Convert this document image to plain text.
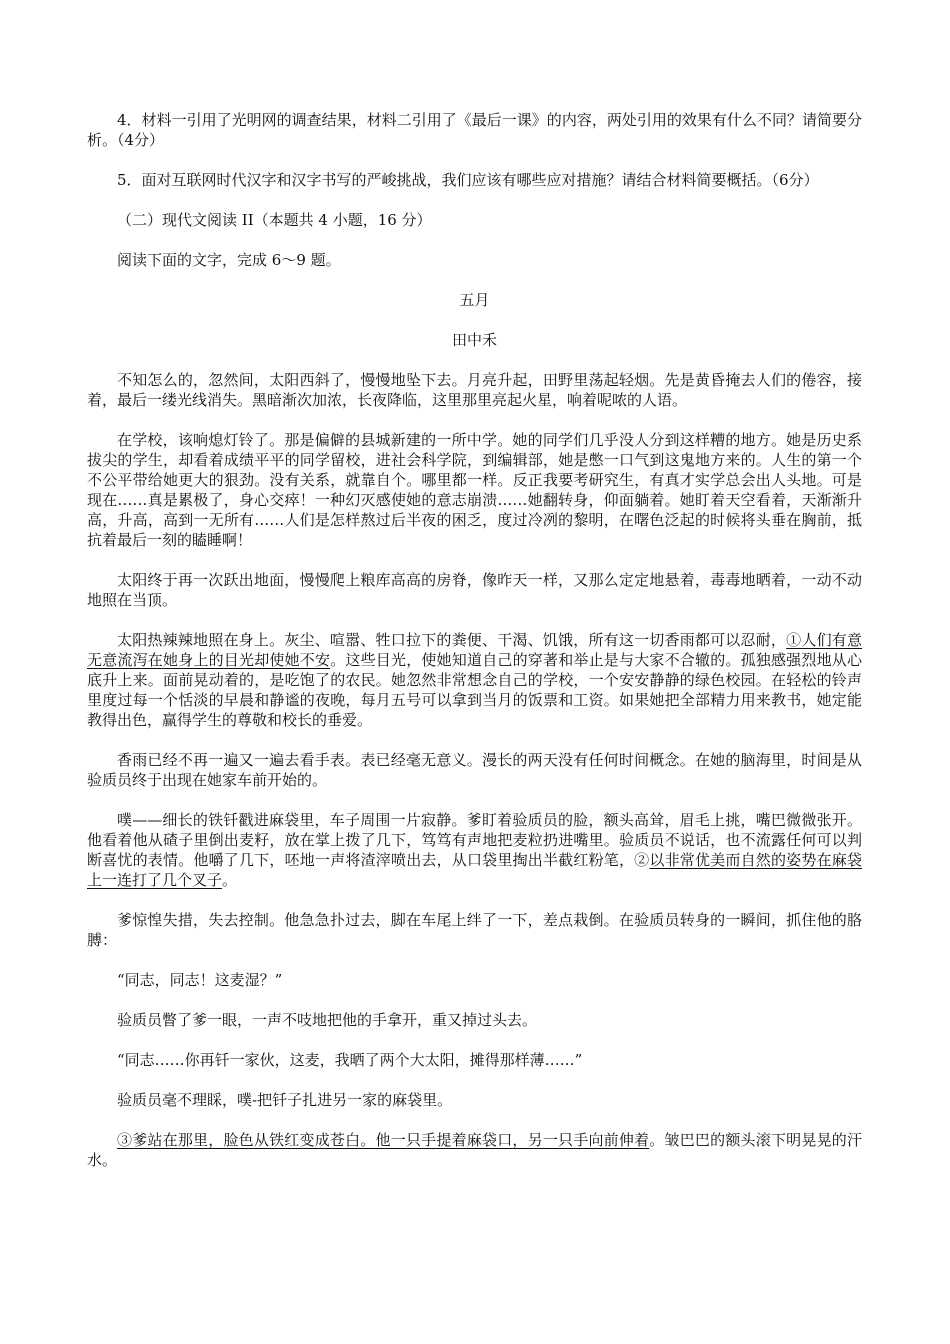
4．材料一引用了光明网的调查结果，材料二引用了《最后一课》的内容，两处引用的效果有什么不同？请简要分析。（4分）

5．面对互联网时代汉字和汉字书写的严峻挑战，我们应该有哪些应对措施？请结合材料简要概括。（6分）

（二）现代文阅读 II（本题共 4 小题，16 分）

阅读下面的文字，完成 6～9 题。

五月

田中禾

不知怎么的，忽然间，太阳西斜了，慢慢地坠下去。月亮升起，田野里荡起轻烟。先是黄昏掩去人们的倦容，接着，最后一缕光线消失。黑暗渐次加浓，长夜降临，这里那里亮起火星，响着呢哝的人语。

在学校，该响熄灯铃了。那是偏僻的县城新建的一所中学。她的同学们几乎没人分到这样糟的地方。她是历史系拔尖的学生，却看着成绩平平的同学留校，进社会科学院，到编辑部，她是憋一口气到这鬼地方来的。人生的第一个不公平带给她更大的狠劲。没有关系，就靠自个。哪里都一样。反正我要考研究生，有真才实学总会出人头地。可是现在……真是累极了，身心交瘁！一种幻灭感使她的意志崩溃……她翻转身，仰面躺着。她盯着天空看着，天渐渐升高，升高，高到一无所有……人们是怎样熬过后半夜的困乏，度过冷冽的黎明，在曙色泛起的时候将头垂在胸前，抵抗着最后一刻的瞌睡啊！

太阳终于再一次跃出地面，慢慢爬上粮库高高的房脊，像昨天一样，又那么定定地悬着，毒毒地晒着，一动不动地照在当顶。

太阳热辣辣地照在身上。灰尘、喧嚣、牲口拉下的粪便、干渴、饥饿，所有这一切香雨都可以忍耐，①人们有意无意流泻在她身上的目光却使她不安。这些目光，使她知道自己的穿著和举止是与大家不合辙的。孤独感强烈地从心底升上来。面前晃动着的，是吃饱了的农民。她忽然非常想念自己的学校，一个安安静静的绿色校园。在轻松的铃声里度过每一个恬淡的早晨和静谧的夜晚，每月五号可以拿到当月的饭票和工资。如果她把全部精力用来教书，她定能教得出色，赢得学生的尊敬和校长的垂爱。

香雨已经不再一遍又一遍去看手表。表已经毫无意义。漫长的两天没有任何时间概念。在她的脑海里，时间是从验质员终于出现在她家车前开始的。

噗——细长的铁钎戳进麻袋里，车子周围一片寂静。爹盯着验质员的脸，额头高耸，眉毛上挑，嘴巴微微张开。他看着他从碴子里倒出麦籽，放在掌上拨了几下，笃笃有声地把麦粒扔进嘴里。验质员不说话，也不流露任何可以判断喜忧的表情。他嚼了几下，呸地一声将渣滓喷出去，从口袋里掏出半截红粉笔，②以非常优美而自然的姿势在麻袋上一连打了几个叉子。

爹惊惶失措，失去控制。他急急扑过去，脚在车尾上绊了一下，差点栽倒。在验质员转身的一瞬间，抓住他的胳膊：

“同志，同志！这麦湿？”

验质员瞥了爹一眼，一声不吱地把他的手拿开，重又掉过头去。

“同志……你再钎一家伙，这麦，我晒了两个大太阳，摊得那样薄……”

验质员毫不理睬，噗-把钎子扎进另一家的麻袋里。

③爹站在那里，脸色从铁红变成苍白。他一只手提着麻袋口，另一只手向前伸着。皱巴巴的额头滚下明晃晃的汗水。
